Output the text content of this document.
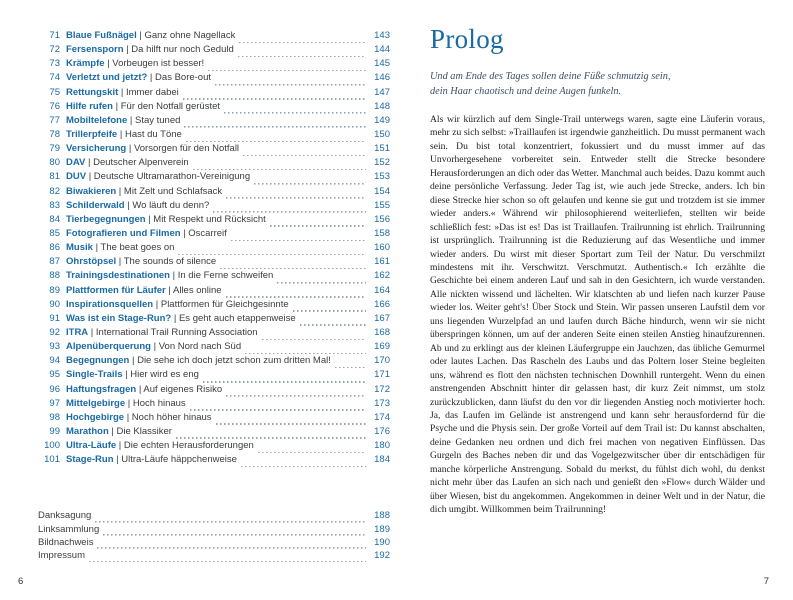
71 Blaue Fußnägel | Ganz ohne Nagellack	143
72 Fersensporn | Da hilft nur noch Geduld	144
73 Krämpfe | Vorbeugen ist besser!	145
74 Verletzt und jetzt? | Das Bore-out	146
75 Rettungskit | Immer dabei	147
76 Hilfe rufen | Für den Notfall gerüstet	148
77 Mobiltelefone | Stay tuned	149
78 Trillerpfeife | Hast du Töne	150
79 Versicherung | Vorsorgen für den Notfall	151
80 DAV | Deutscher Alpenverein	152
81 DUV | Deutsche Ultramarathon-Vereinigung	153
82 Biwakieren | Mit Zelt und Schlafsack	154
83 Schilderwald | Wo läuft du denn?	155
84 Tierbegegnungen | Mit Respekt und Rücksicht	156
85 Fotografieren und Filmen | Oscarreif	158
86 Musik | The beat goes on	160
87 Ohrstöpsel | The sounds of silence	161
88 Trainingsdestinationen | In die Ferne schweifen	162
89 Plattformen für Läufer | Alles online	164
90 Inspirationsquellen | Plattformen für Gleichgesinnte	166
91 Was ist ein Stage-Run? | Es geht auch etappenweise	167
92 ITRA | International Trail Running Association	168
93 Alpenüberquerung | Von Nord nach Süd	169
94 Begegnungen | Die sehe ich doch jetzt schon zum dritten Mal!	170
95 Single-Trails | Hier wird es eng	171
96 Haftungsfragen | Auf eigenes Risiko	172
97 Mittelgebirge | Hoch hinaus	173
98 Hochgebirge | Noch höher hinaus	174
99 Marathon | Die Klassiker	176
100 Ultra-Läufe | Die echten Herausforderungen	180
101 Stage-Run | Ultra-Läufe häppchenweise	184
Danksagung	188
Linksammlung	189
Bildnachweis	190
Impressum	192
6
Prolog
Und am Ende des Tages sollen deine Füße schmutzig sein,
dein Haar chaotisch und deine Augen funkeln.

Als wir kürzlich auf dem Single-Trail unterwegs waren, sagte eine Läuferin voraus, mehr zu sich selbst: »Traillaufen ist irgendwie ganzheitlich. Du musst permanent wach sein. Du bist total konzentriert, fokussiert und du musst immer auf das Unvorhergesehene vorbereitet sein. Entweder stellt die Strecke besondere Herausforderungen an dich oder das Wetter. Manchmal auch beides. Dazu kommt auch deine persönliche Verfassung. Jeder Tag ist, wie auch jede Strecke, anders. Ich bin diese Strecke hier schon so oft gelaufen und kenne sie gut und trotzdem ist sie immer wieder anders.« Während wir philosophierend weiterliefen, stellten wir beide schließlich fest: »Das ist es! Das ist Traillaufen. Trailrunning ist ehrlich. Trailrunning ist ursprünglich. Trailrunning ist die Reduzierung auf das Wesentliche und immer wieder anders. Du wirst mit dieser Sportart zum Teil der Natur. Du verschmilzt mindestens mit ihr. Verschwitzt. Verschmutzt. Authentisch.« Ich erzählte die Geschichte bei einem anderen Lauf und sah in den Gesichtern, ich wurde verstanden. Alle nickten wissend und lächelten. Wir klatschten ab und liefen nach kurzer Pause wieder los. Weiter geht's! Über Stock und Stein. Wir passen unseren Laufstil dem vor uns liegenden Wurzelpfad an und laufen durch Bäche hindurch, wenn wir sie nicht überspringen können, um auf der anderen Seite einen steilen Anstieg hinaufzurennen. Ab und zu erklingt aus der kleinen Läufergruppe ein Jauchzen, das übliche Gemurmel oder lautes Lachen. Das Rascheln des Laubs und das Poltern loser Steine begleiten uns, während es flott den nächsten technischen Downhill runtergeht. Wenn du einen anstrengenden Abschnitt hinter dir gelassen hast, dir kurz Zeit nimmst, um stolz zurückzublicken, dann läufst du den vor dir liegenden Anstieg noch motivierter hoch. Ja, das Laufen im Gelände ist anstrengend und kann sehr herausfordernd für die Psyche und die Physis sein. Der große Vorteil auf dem Trail ist: Du kannst abschalten, deine Gedanken neu ordnen und dich frei machen von negativen Einflüssen. Das Gurgeln des Baches neben dir und das Vogelgezwitscher über dir entschädigen für manche körperliche Anstrengung. Sobald du merkst, du fühlst dich wohl, du denkst nicht mehr über das Laufen an sich nach und genießt den »Flow« durch Wälder und über Wiesen, bist du angekommen. Angekommen in deiner Welt und in der Natur, die dich umgibt. Willkommen beim Trailrunning!

7
